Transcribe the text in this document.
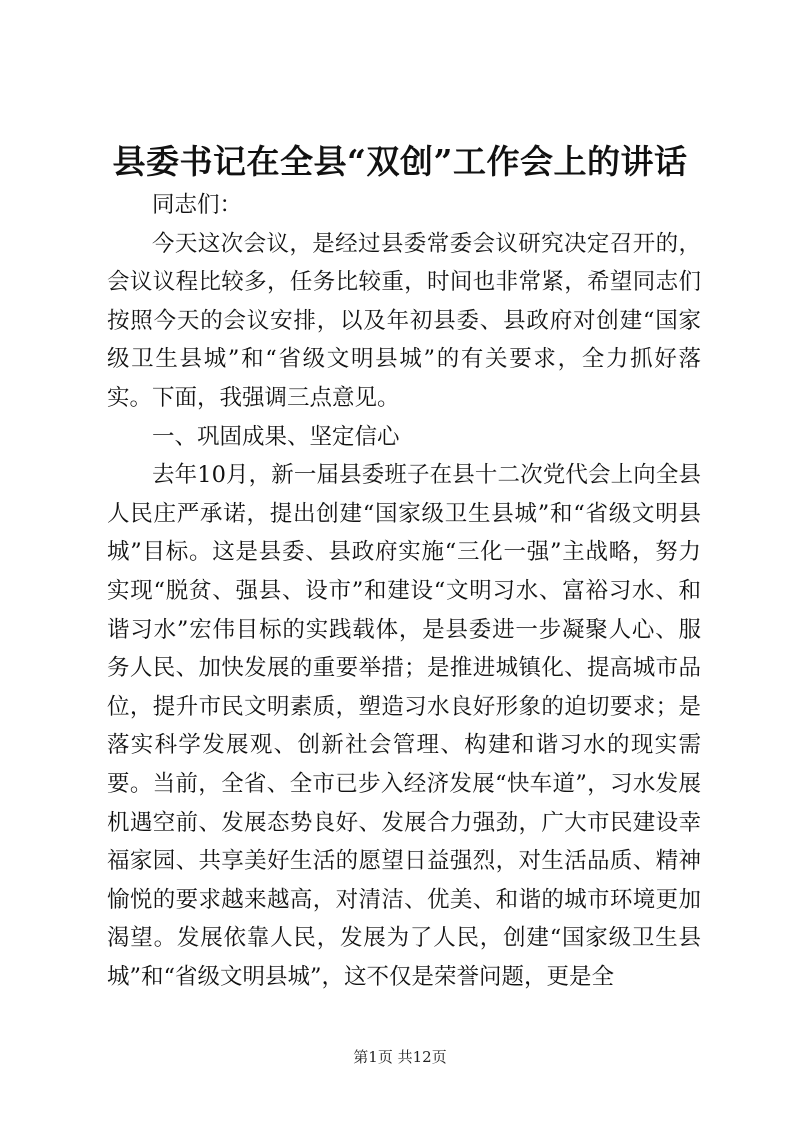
县委书记在全县“双创”工作会上的讲话

同志们：

今天这次会议，是经过县委常委会议研究决定召开的，会议议程比较多，任务比较重，时间也非常紧，希望同志们按照今天的会议安排，以及年初县委、县政府对创建“国家级卫生县城”和“省级文明县城”的有关要求，全力抓好落实。下面，我强调三点意见。

一、巩固成果、坚定信心

去年10月，新一届县委班子在县十二次党代会上向全县人民庄严承诺，提出创建“国家级卫生县城”和“省级文明县城”目标。这是县委、县政府实施“三化一强”主战略，努力实现“脱贫、强县、设市”和建设“文明习水、富裕习水、和谐习水”宏伟目标的实践载体，是县委进一步凝聚人心、服务人民、加快发展的重要举措；是推进城镇化、提高城市品位，提升市民文明素质，塑造习水良好形象的迫切要求；是落实科学发展观、创新社会管理、构建和谐习水的现实需要。当前，全省、全市已步入经济发展“快车道”，习水发展机遇空前、发展态势良好、发展合力强劲，广大市民建设幸福家园、共享美好生活的愿望日益强烈，对生活品质、精神愉悦的要求越来越高，对清洁、优美、和谐的城市环境更加渴望。发展依靠人民，发展为了人民，创建“国家级卫生县城”和“省级文明县城”，这不仅是荣誉问题，更是全

第1页 共12页
